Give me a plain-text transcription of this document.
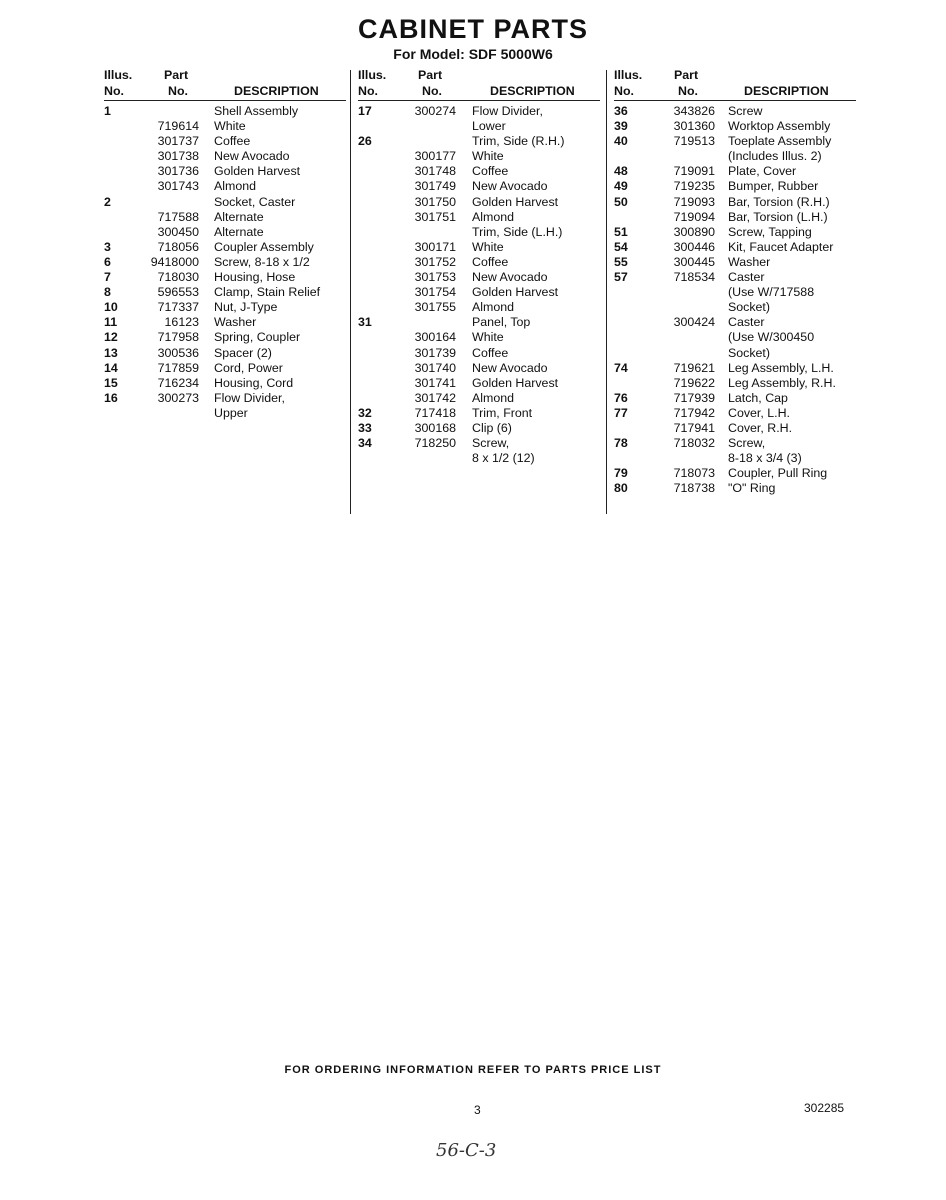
CABINET PARTS
For Model: SDF 5000W6
Illus.
No.
Part
No.	DESCRIPTION
1	Shell Assembly
719614 White
301737 Coffee
301738 New Avocado
301736 Golden Harvest
301743 Almond
2	Socket, Caster
717588 Alternate
300450 Alternate
3	718056 Coupler Assembly
6	9418000 Screw, 8-18 x 1/2
7	718030 Housing, Hose
8	596553 Clamp, Stain Relief
10	717337 Nut, J-Type
11	16123 Washer
12	717958 Spring, Coupler
13	300536 Spacer (2)
14	717859 Cord, Power
15	716234 Housing, Cord
16	300273 Flow Divider,
Upper
Illus.
No.
Part
No.	DESCRIPTION
17	300274 Flow Divider,
Lower
26	Trim, Side (R.H.)
300177 White
301748 Coffee
301749 New Avocado
301750 Golden Harvest
301751 Almond
Trim, Side (L.H.)
300171 White
301752 Coffee
301753 New Avocado
301754 Golden Harvest
301755 Almond
31	Panel, Top
300164 White
301739 Coffee
301740 New Avocado
301741 Golden Harvest
301742 Almond
32	717418 Trim, Front
33	300168 Clip (6)
34	718250 Screw,
8 x 1/2 (12)
Illus.
No.
Part
No.	DESCRIPTION
36	343826 Screw
39	301360 Worktop Assembly
40	719513 Toeplate Assembly
(Includes Illus. 2)
48	719091 Plate, Cover
49	719235 Bumper, Rubber
50	719093 Bar, Torsion (R.H.)
719094 Bar, Torsion (L.H.)
51	300890 Screw, Tapping
54	300446 Kit, Faucet Adapter
55	300445 Washer
57	718534 Caster
(Use W/717588
Socket)
300424 Caster
(Use W/300450
Socket)
74	719621 Leg Assembly, L.H.
719622 Leg Assembly, R.H.
76	717939 Latch, Cap
77	717942 Cover, L.H.
717941 Cover, R.H.
78	718032 Screw,
8-18 x 3/4 (3)
79	718073 Coupler, Pull Ring
80	718738 "O" Ring
FOR ORDERING INFORMATION REFER TO PARTS PRICE LIST
3	302285
56-C-3
